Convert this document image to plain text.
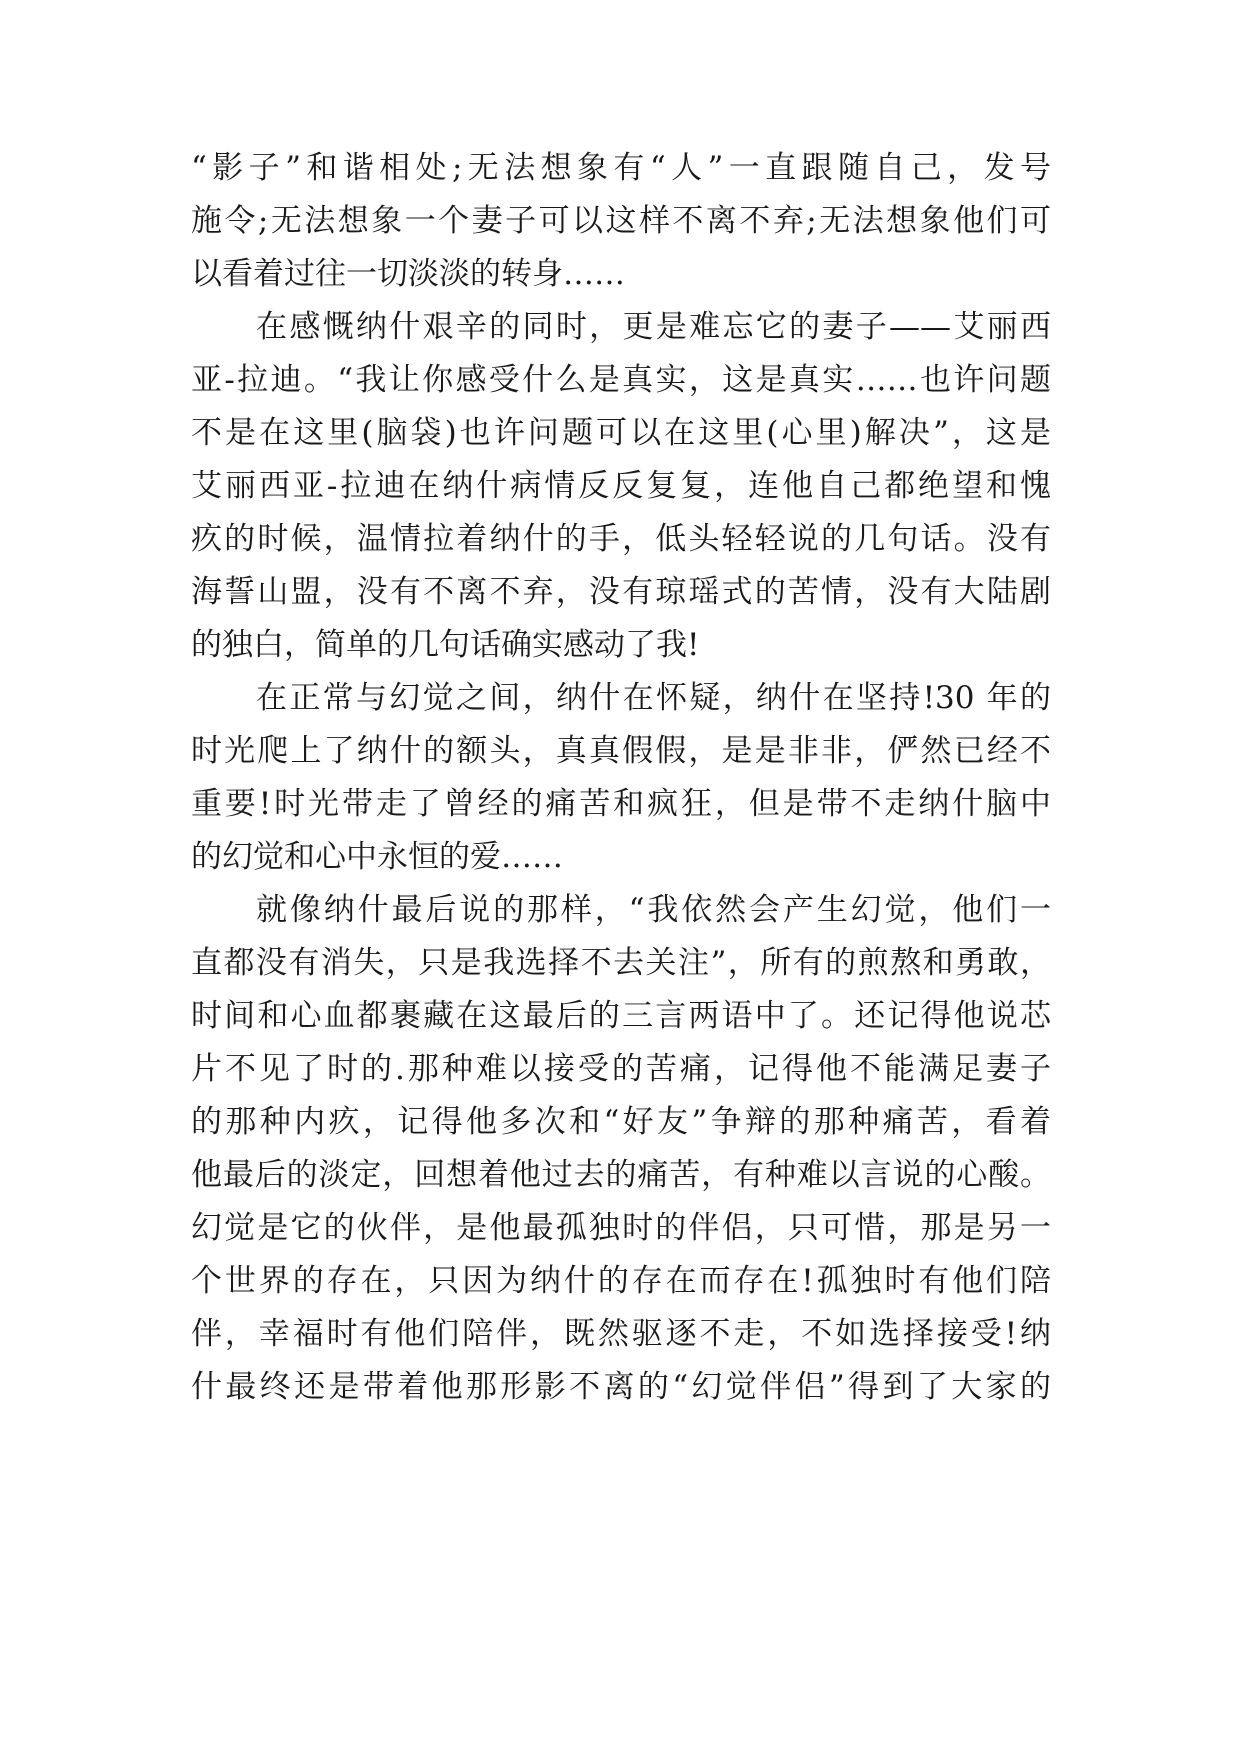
“影子”和谐相处;无法想象有“人”一直跟随自己，发号
施令;无法想象一个妻子可以这样不离不弃;无法想象他们可
以看着过往一切淡淡的转身……
在感慨纳什艰辛的同时，更是难忘它的妻子——艾丽西
亚-拉迪。“我让你感受什么是真实，这是真实……也许问题
不是在这里(脑袋)也许问题可以在这里(心里)解决”，这是
艾丽西亚-拉迪在纳什病情反反复复，连他自己都绝望和愧
疚的时候，温情拉着纳什的手，低头轻轻说的几句话。没有
海誓山盟，没有不离不弃，没有琼瑶式的苦情，没有大陆剧
的独白，简单的几句话确实感动了我!
在正常与幻觉之间，纳什在怀疑，纳什在坚持!30 年的
时光爬上了纳什的额头，真真假假，是是非非，俨然已经不
重要!时光带走了曾经的痛苦和疯狂，但是带不走纳什脑中
的幻觉和心中永恒的爱……
就像纳什最后说的那样，“我依然会产生幻觉，他们一
直都没有消失，只是我选择不去关注”，所有的煎熬和勇敢，
时间和心血都裹藏在这最后的三言两语中了。还记得他说芯
片不见了时的.那种难以接受的苦痛，记得他不能满足妻子
的那种内疚，记得他多次和“好友”争辩的那种痛苦，看着
他最后的淡定，回想着他过去的痛苦，有种难以言说的心酸。
幻觉是它的伙伴，是他最孤独时的伴侣，只可惜，那是另一
个世界的存在，只因为纳什的存在而存在!孤独时有他们陪
伴，幸福时有他们陪伴，既然驱逐不走，不如选择接受!纳
什最终还是带着他那形影不离的“幻觉伴侣”得到了大家的
